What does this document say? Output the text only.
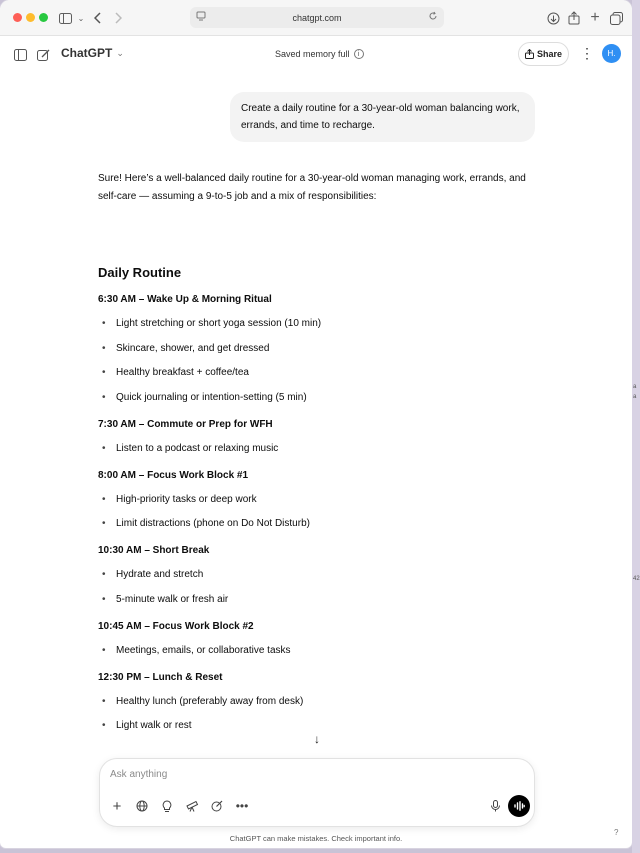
⌄	chatgpt.com	+
ChatGPT ⌄	Saved memory full	i	Share ⋮	H.
Create a daily routine for a 30-year-old woman balancing work, errands, and time to recharge.

Sure! Here’s a well-balanced daily routine for a 30-year-old woman managing work, errands, and self-care — assuming a 9-to-5 job and a mix of responsibilities:

Daily Routine
6:30 AM – Wake Up & Morning Ritual
• Light stretching or short yoga session (10 min)
• Skincare, shower, and get dressed
• Healthy breakfast + coffee/tea
• Quick journaling or intention-setting (5 min)
7:30 AM – Commute or Prep for WFH
• Listen to a podcast or relaxing music
8:00 AM – Focus Work Block #1
• High-priority tasks or deep work
• Limit distractions (phone on Do Not Disturb)
10:30 AM – Short Break
• Hydrate and stretch
• 5-minute walk or fresh air
10:45 AM – Focus Work Block #2
• Meetings, emails, or collaborative tasks
12:30 PM – Lunch & Reset
• Healthy lunch (preferably away from desk)
• Light walk or rest
↓
Ask anything
+	•••
ChatGPT can make mistakes. Check important info.
?
a
a
42
